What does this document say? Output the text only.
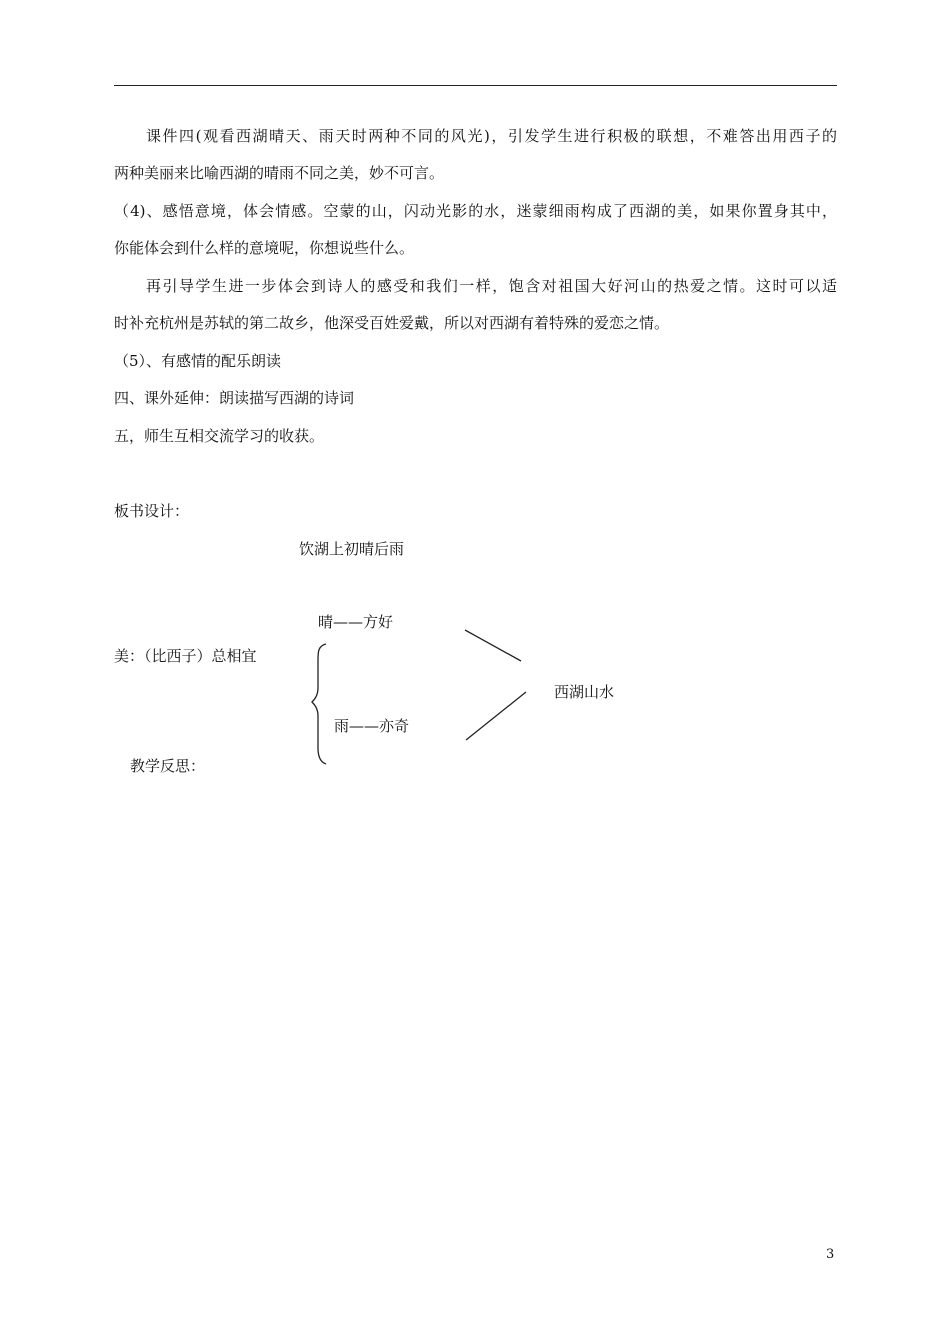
课件四(观看西湖晴天、雨天时两种不同的风光)，引发学生进行积极的联想，不难答出用西子的
两种美丽来比喻西湖的晴雨不同之美，妙不可言。
（4)、感悟意境，体会情感。空蒙的山，闪动光影的水，迷蒙细雨构成了西湖的美，如果你置身其中，
你能体会到什么样的意境呢，你想说些什么。
再引导学生进一步体会到诗人的感受和我们一样，饱含对祖国大好河山的热爱之情。这时可以适
时补充杭州是苏轼的第二故乡，他深受百姓爱戴，所以对西湖有着特殊的爱恋之情。
（5）、有感情的配乐朗读
四、课外延伸：朗读描写西湖的诗词
五，师生互相交流学习的收获。
板书设计：
饮湖上初晴后雨
晴——方好
美：（比西子）总相宜
西湖山水
雨——亦奇
教学反思：
3
